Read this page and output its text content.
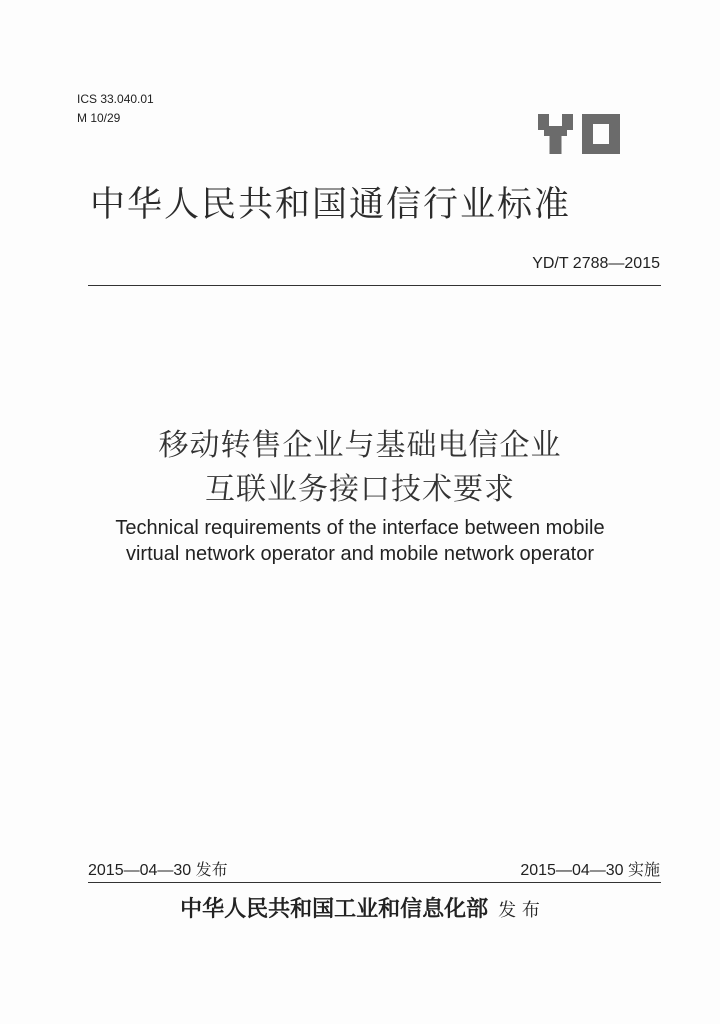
ICS 33.040.01
M 10/29
中华人民共和国通信行业标准
YD/T 2788—2015
移动转售企业与基础电信企业
互联业务接口技术要求
Technical requirements of the interface between mobile
virtual network operator and mobile network operator
2015—04—30 发布	2015—04—30 实施
中华人民共和国工业和信息化部 发 布
